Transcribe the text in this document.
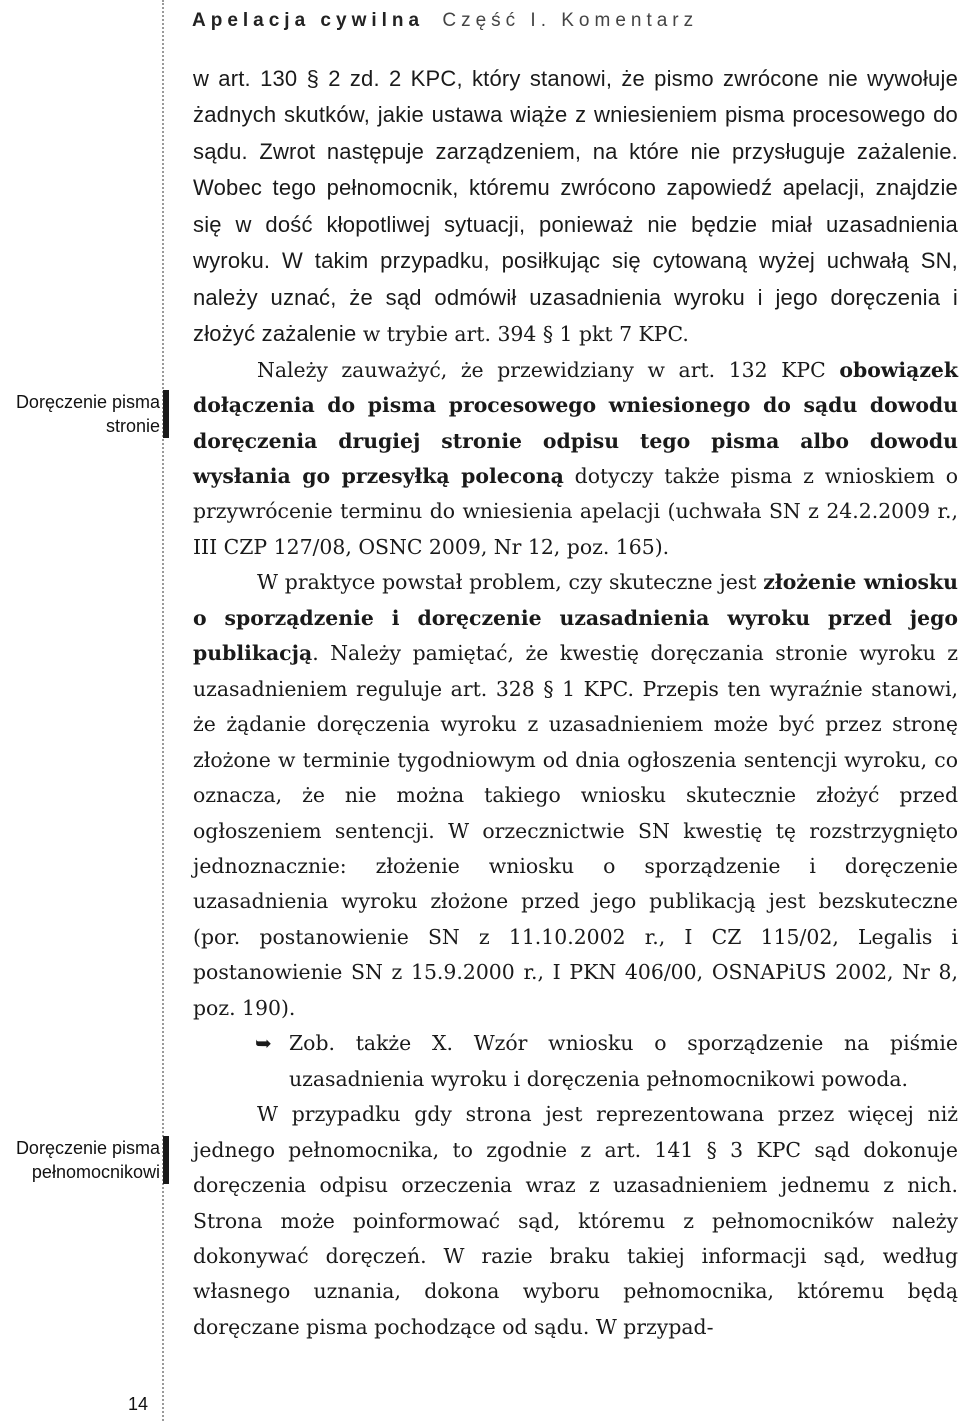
Apelacja cywilna Część I. Komentarz
Doręczenie pisma
stronie
Doręczenie pisma
pełnomocnikowi
14

w art. 130 § 2 zd. 2 KPC, który stanowi, że pismo zwrócone nie wywołuje żadnych skutków, jakie ustawa wiąże z wniesieniem pisma procesowego do sądu. Zwrot następuje zarządzeniem, na które nie przysługuje zażalenie. Wobec tego pełnomocnik, któremu zwrócono zapowiedź apelacji, znajdzie się w dość kłopotliwej sytuacji, ponieważ nie będzie miał uzasadnienia wyroku. W takim przypadku, posiłkując się cytowaną wyżej uchwałą SN, należy uznać, że sąd odmówił uzasadnienia wyroku i jego doręczenia i złożyć zażalenie w trybie art. 394 § 1 pkt 7 KPC.

Należy zauważyć, że przewidziany w art. 132 KPC obowiązek dołączenia do pisma procesowego wniesionego do sądu dowodu doręczenia drugiej stronie odpisu tego pisma albo dowodu wysłania go przesyłką poleconą dotyczy także pisma z wnioskiem o przywrócenie terminu do wniesienia apelacji (uchwała SN z 24.2.2009 r., III CZP 127/08, OSNC 2009, Nr 12, poz. 165).

W praktyce powstał problem, czy skuteczne jest złożenie wniosku o sporządzenie i doręczenie uzasadnienia wyroku przed jego publikacją. Należy pamiętać, że kwestię doręczania stronie wyroku z uzasadnieniem reguluje art. 328 § 1 KPC. Przepis ten wyraźnie stanowi, że żądanie doręczenia wyroku z uzasadnieniem może być przez stronę złożone w terminie tygodniowym od dnia ogłoszenia sentencji wyroku, co oznacza, że nie można takiego wniosku skutecznie złożyć przed ogłoszeniem sentencji. W orzecznictwie SN kwestię tę rozstrzygnięto jednoznacznie: złożenie wniosku o sporządzenie i doręczenie uzasadnienia wyroku złożone przed jego publikacją jest bezskuteczne (por. postanowienie SN z 11.10.2002 r., I CZ 115/02, Legalis i postanowienie SN z 15.9.2000 r., I PKN 406/00, OSNAPiUS 2002, Nr 8, poz. 190).

➥ Zob. także X. Wzór wniosku o sporządzenie na piśmie uzasadnienia wyroku i doręczenia pełnomocnikowi powoda.

W przypadku gdy strona jest reprezentowana przez więcej niż jednego pełnomocnika, to zgodnie z art. 141 § 3 KPC sąd dokonuje doręczenia odpisu orzeczenia wraz z uzasadnieniem jednemu z nich. Strona może poinformować sąd, któremu z pełnomocników należy dokonywać doręczeń. W razie braku takiej informacji sąd, według własnego uznania, dokona wyboru pełnomocnika, któremu będą doręczane pisma pochodzące od sądu. W przypad-
